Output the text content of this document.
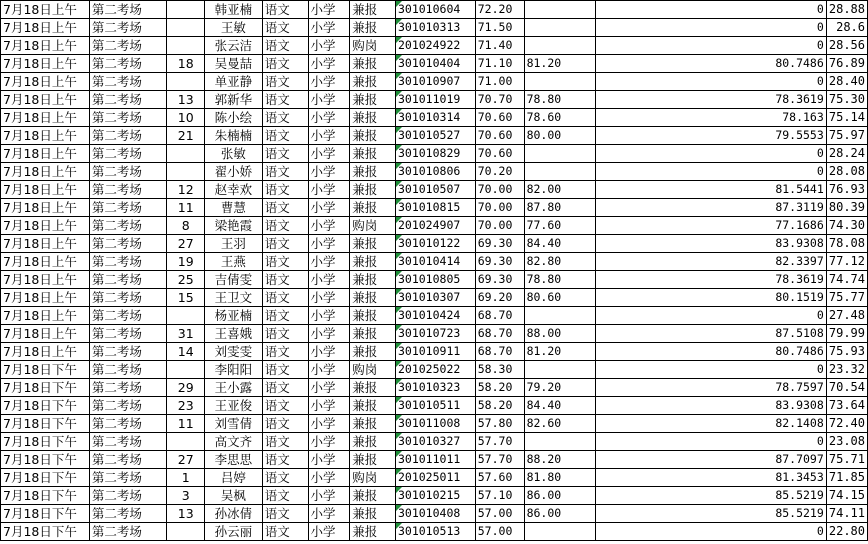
7月18日上午	第二考场		韩亚楠	语文	小学	兼报	301010604	72.20		0	28.88
7月18日上午	第二考场		王敏	语文	小学	兼报	301010313	71.50		0	28.6
7月18日上午	第二考场		张云洁	语文	小学	购岗	201024922	71.40		0	28.56
7月18日上午	第二考场	18	吴曼喆	语文	小学	兼报	301010404	71.10	81.20	80.7486	76.89
7月18日上午	第二考场		单亚静	语文	小学	兼报	301010907	71.00		0	28.40
7月18日上午	第二考场	13	郭新华	语文	小学	兼报	301011019	70.70	78.80	78.3619	75.30
7月18日上午	第二考场	10	陈小绘	语文	小学	兼报	301010314	70.60	78.60	78.163	75.14
7月18日上午	第二考场	21	朱楠楠	语文	小学	兼报	301010527	70.60	80.00	79.5553	75.97
7月18日上午	第二考场		张敏	语文	小学	兼报	301010829	70.60		0	28.24
7月18日上午	第二考场		翟小娇	语文	小学	兼报	301010806	70.20		0	28.08
7月18日上午	第二考场	12	赵幸欢	语文	小学	兼报	301010507	70.00	82.00	81.5441	76.93
7月18日上午	第二考场	11	曹慧	语文	小学	兼报	301010815	70.00	87.80	87.3119	80.39
7月18日上午	第二考场	8	梁艳霞	语文	小学	购岗	201024907	70.00	77.60	77.1686	74.30
7月18日上午	第二考场	27	王羽	语文	小学	兼报	301010122	69.30	84.40	83.9308	78.08
7月18日上午	第二考场	19	王燕	语文	小学	兼报	301010414	69.30	82.80	82.3397	77.12
7月18日上午	第二考场	25	吉倩雯	语文	小学	兼报	301010805	69.30	78.80	78.3619	74.74
7月18日上午	第二考场	15	王卫文	语文	小学	兼报	301010307	69.20	80.60	80.1519	75.77
7月18日上午	第二考场		杨亚楠	语文	小学	兼报	301010424	68.70		0	27.48
7月18日上午	第二考场	31	王喜娥	语文	小学	兼报	301010723	68.70	88.00	87.5108	79.99
7月18日上午	第二考场	14	刘雯雯	语文	小学	兼报	301010911	68.70	81.20	80.7486	75.93
7月18日下午	第二考场		李阳阳	语文	小学	购岗	201025022	58.30		0	23.32
7月18日下午	第二考场	29	王小露	语文	小学	兼报	301010323	58.20	79.20	78.7597	70.54
7月18日下午	第二考场	23	王亚俊	语文	小学	兼报	301010511	58.20	84.40	83.9308	73.64
7月18日下午	第二考场	11	刘雪倩	语文	小学	兼报	301011008	57.80	82.60	82.1408	72.40
7月18日下午	第二考场		高文齐	语文	小学	兼报	301010327	57.70		0	23.08
7月18日下午	第二考场	27	李思思	语文	小学	兼报	301011011	57.70	88.20	87.7097	75.71
7月18日下午	第二考场	1	吕婷	语文	小学	购岗	201025011	57.60	81.80	81.3453	71.85
7月18日下午	第二考场	3	吴枫	语文	小学	兼报	301010215	57.10	86.00	85.5219	74.15
7月18日下午	第二考场	13	孙冰倩	语文	小学	兼报	301010408	57.00	86.00	85.5219	74.11
7月18日下午	第二考场		孙云丽	语文	小学	兼报	301010513	57.00		0	22.80
